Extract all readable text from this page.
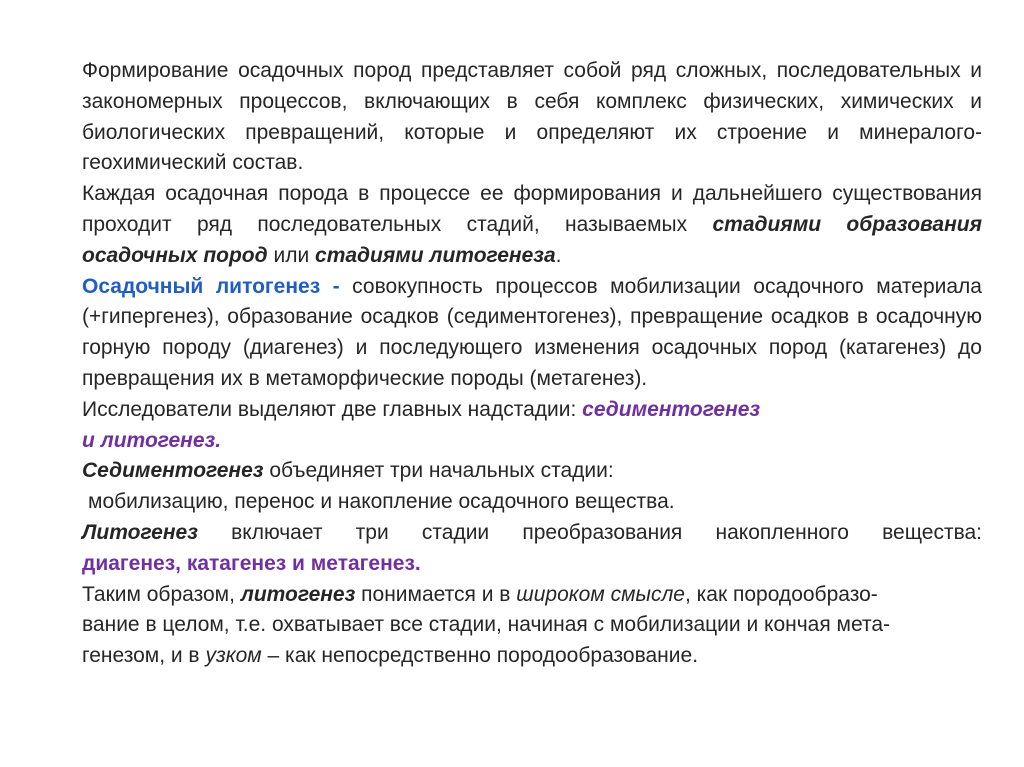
Формирование осадочных пород представляет собой ряд сложных, последовательных и закономерных процессов, включающих в себя комплекс физических, химических и биологических превращений, которые и определяют их строение и минералого-геохимический состав.

Каждая осадочная порода в процессе ее формирования и дальнейшего существования проходит ряд последовательных стадий, называемых стадиями образования осадочных пород или стадиями литогенеза.

Осадочный литогенез - совокупность процессов мобилизации осадочного материала (+гипергенез), образование осадков (седиментогенез), превращение осадков в осадочную горную породу (диагенез) и последующего изменения осадочных пород (катагенез) до превращения их в метаморфические породы (метагенез).

Исследователи выделяют две главных надстадии: седиментогенез
и литогенез.

Седиментогенез объединяет три начальных стадии:

мобилизацию, перенос и накопление осадочного вещества.

Литогенез включает три стадии преобразования накопленного вещества:
диагенез, катагенез и метагенез.

Таким образом, литогенез понимается и в широком смысле, как породообразо-
вание в целом, т.е. охватывает все стадии, начиная с мобилизации и кончая мета-
генезом, и в узком – как непосредственно породообразование.
